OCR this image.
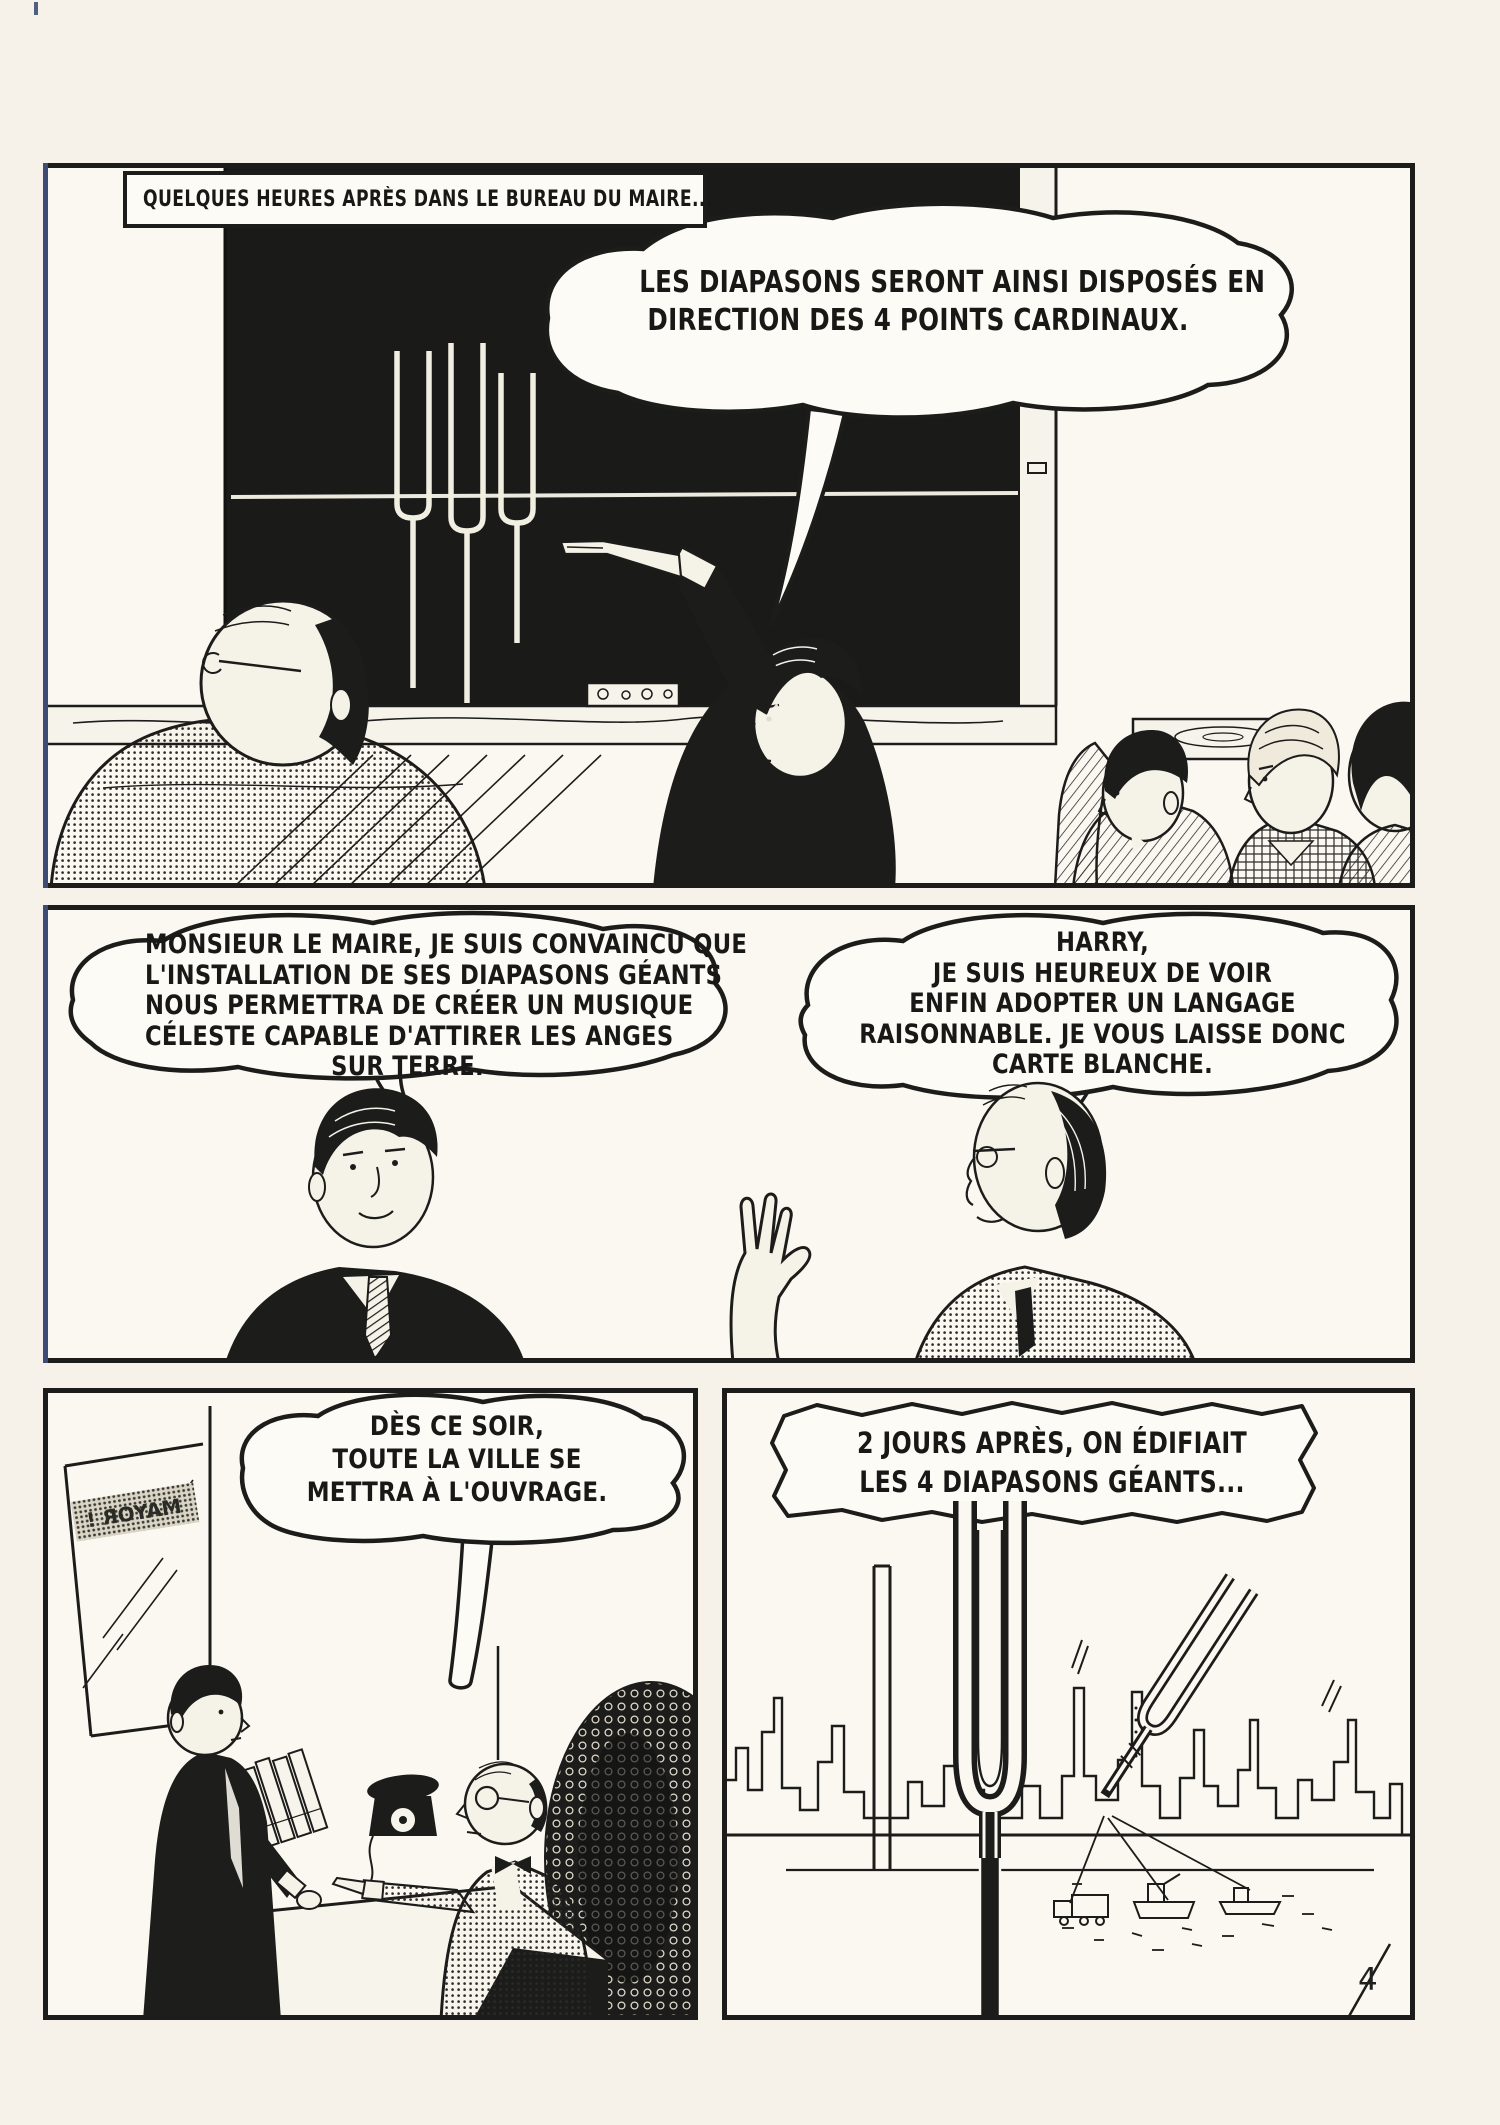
MAYOR !
QUELQUES HEURES APRÈS DANS LE BUREAU DU MAIRE...
LES DIAPASONS SERONT AINSI DISPOSÉS EN
DIRECTION DES 4 POINTS CARDINAUX.
MONSIEUR LE MAIRE, JE SUIS CONVAINCU QUE
L'INSTALLATION DE SES DIAPASONS GÉANTS
NOUS PERMETTRA DE CRÉER UN MUSIQUE
CÉLESTE CAPABLE D'ATTIRER LES ANGES
SUR TERRE.
HARRY,
JE SUIS HEUREUX DE VOIR
ENFIN ADOPTER UN LANGAGE
RAISONNABLE. JE VOUS LAISSE DONC
CARTE BLANCHE.
DÈS CE SOIR,
TOUTE LA VILLE SE
METTRA À L'OUVRAGE.
2 JOURS APRÈS, ON ÉDIFIAIT
LES 4 DIAPASONS GÉANTS...
4
